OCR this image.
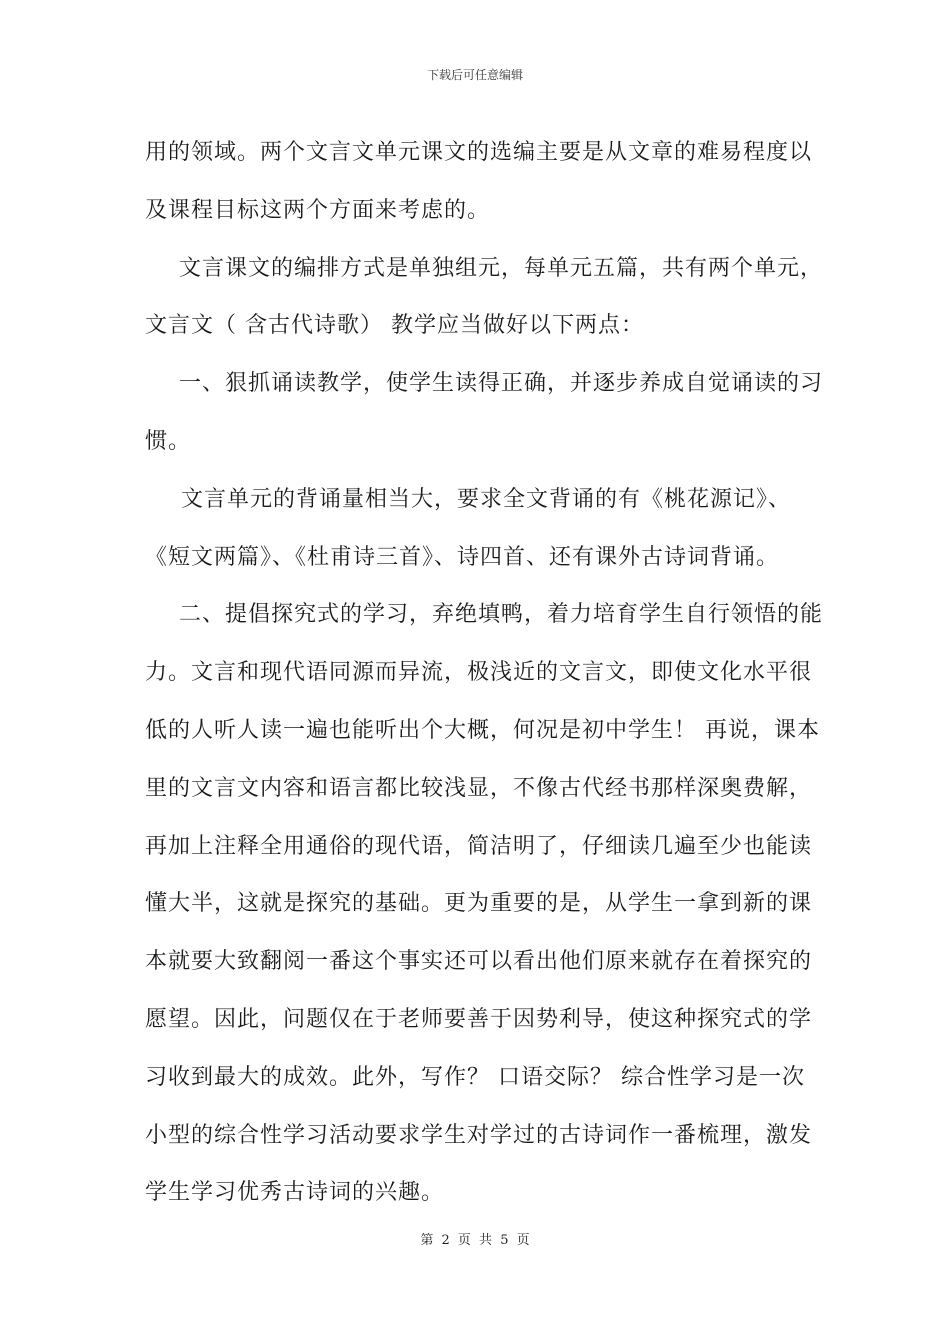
下载后可任意编辑
用的领域。两个文言文单元课文的选编主要是从文章的难易程度以
及课程目标这两个方面来考虑的。
文言课文的编排方式是单独组元，每单元五篇，共有两个单元，
文言文（ 含古代诗歌） 教学应当做好以下两点：
一、狠抓诵读教学，使学生读得正确，并逐步养成自觉诵读的习
惯。
文言单元的背诵量相当大，要求全文背诵的有《桃花源记》、
《短文两篇》、《杜甫诗三首》、诗四首、还有课外古诗词背诵。
二、提倡探究式的学习，弃绝填鸭，着力培育学生自行领悟的能
力。文言和现代语同源而异流，极浅近的文言文，即使文化水平很
低的人听人读一遍也能听出个大概，何况是初中学生！ 再说，课本
里的文言文内容和语言都比较浅显，不像古代经书那样深奥费解，
再加上注释全用通俗的现代语，简洁明了，仔细读几遍至少也能读
懂大半，这就是探究的基础。更为重要的是，从学生一拿到新的课
本就要大致翻阅一番这个事实还可以看出他们原来就存在着探究的
愿望。因此，问题仅在于老师要善于因势利导，使这种探究式的学
习收到最大的成效。此外，写作？ 口语交际？ 综合性学习是一次
小型的综合性学习活动要求学生对学过的古诗词作一番梳理，激发
学生学习优秀古诗词的兴趣。
第 2 页 共 5 页
